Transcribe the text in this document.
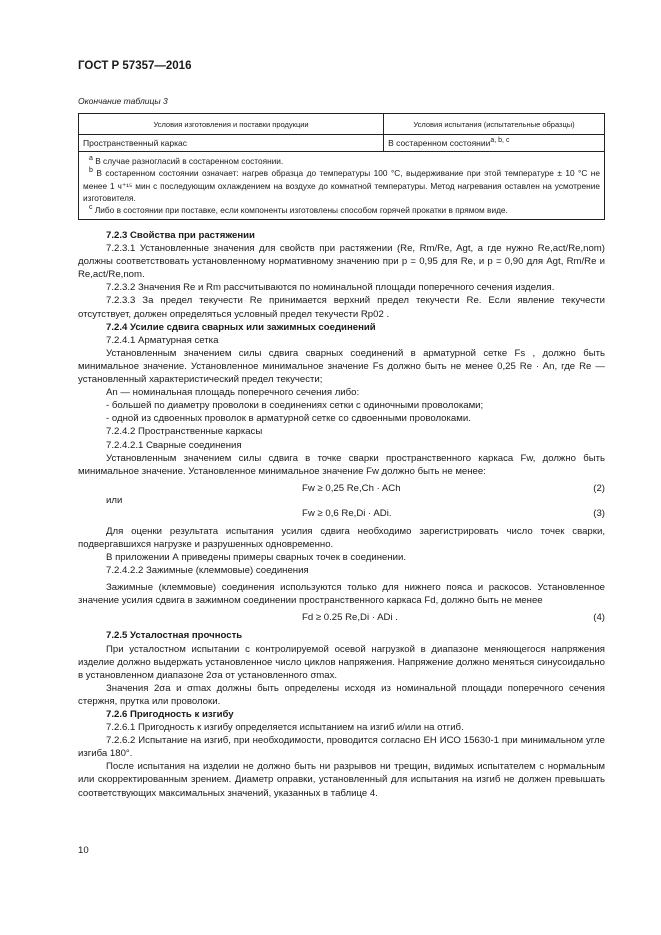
ГОСТ Р 57357—2016
Окончание таблицы 3
Условия изготовления и поставки продукции	Условия испытания (испытательные образцы)
Пространственный каркас	В состаренном состоянии$^{a, b, c}$

$^a$ В случае разногласий в состаренном состоянии.

$^b$ В состаренном состоянии означает: нагрев образца до температуры 100 °С, выдерживание при этой температуре ± 10 °С не менее 1 ч⁺¹⁵ мин с последующим охлаждением на воздухе до комнатной температуры. Метод нагревания оставлен на усмотрение изготовителя.

$^c$ Либо в состоянии при поставке, если компоненты изготовлены способом горячей прокатки в прямом виде.	

7.2.3 Свойства при растяжении

7.2.3.1 Установленные значения для свойств при растяжении (Re, Rm/Re, Agt, а где нужно Re,act/Re,nom) должны соответствовать установленному нормативному значению при p = 0,95 для Re, и p = 0,90 для Agt, Rm/Re и Re,act/Re,nom.

7.2.3.2 Значения Re и Rm рассчитываются по номинальной площади поперечного сечения изделия.

7.2.3.3 За предел текучести Re принимается верхний предел текучести Re. Если явление текучести отсутствует, должен определяться условный предел текучести Rp02 .

7.2.4 Усилие сдвига сварных или зажимных соединений

7.2.4.1 Арматурная сетка

Установленным значением силы сдвига сварных соединений в арматурной сетке Fs , должно быть минимальное значение. Установленное минимальное значение Fs должно быть не менее 0,25 Re · An, где Re — установленный характеристический предел текучести;

An — номинальная площадь поперечного сечения либо:

- большей по диаметру проволоки в соединениях сетки с одиночными проволоками;

- одной из сдвоенных проволок в арматурной сетке со сдвоенными проволоками.

7.2.4.2 Пространственные каркасы

7.2.4.2.1 Сварные соединения

Установленным значением силы сдвига в точке сварки пространственного каркаса Fw, должно быть минимальное значение. Установленное минимальное значение Fw должно быть не менее:

Fw ≥ 0,25 Re,Ch · ACh	(2)

или

Fw ≥ 0,6 Re,Di · ADi.	(3)

Для оценки результата испытания усилия сдвига необходимо зарегистрировать число точек сварки, подвергавшихся нагрузке и разрушенных одновременно.

В приложении А приведены примеры сварных точек в соединении.

7.2.4.2.2 Зажимные (клеммовые) соединения

Зажимные (клеммовые) соединения используются только для нижнего пояса и раскосов. Установленное значение усилия сдвига в зажимном соединении пространственного каркаса Fd, должно быть не менее

Fd ≥ 0.25 Re,Di · ADi .	(4)

7.2.5 Усталостная прочность

При усталостном испытании с контролируемой осевой нагрузкой в диапазоне меняющегося напряжения изделие должно выдержать установленное число циклов напряжения. Напряжение должно меняться синусоидально в установленном диапазоне 2σa от установленного σmax.

Значения 2σa и σmax должны быть определены исходя из номинальной площади поперечного сечения стержня, прутка или проволоки.

7.2.6 Пригодность к изгибу

7.2.6.1 Пригодность к изгибу определяется испытанием на изгиб и/или на отгиб.

7.2.6.2 Испытание на изгиб, при необходимости, проводится согласно ЕН ИСО 15630-1 при минимальном угле изгиба 180°.

После испытания на изделии не должно быть ни разрывов ни трещин, видимых испытателем с нормальным или скорректированным зрением. Диаметр оправки, установленный для испытания на изгиб не должен превышать соответствующих максимальных значений, указанных в таблице 4.

10
